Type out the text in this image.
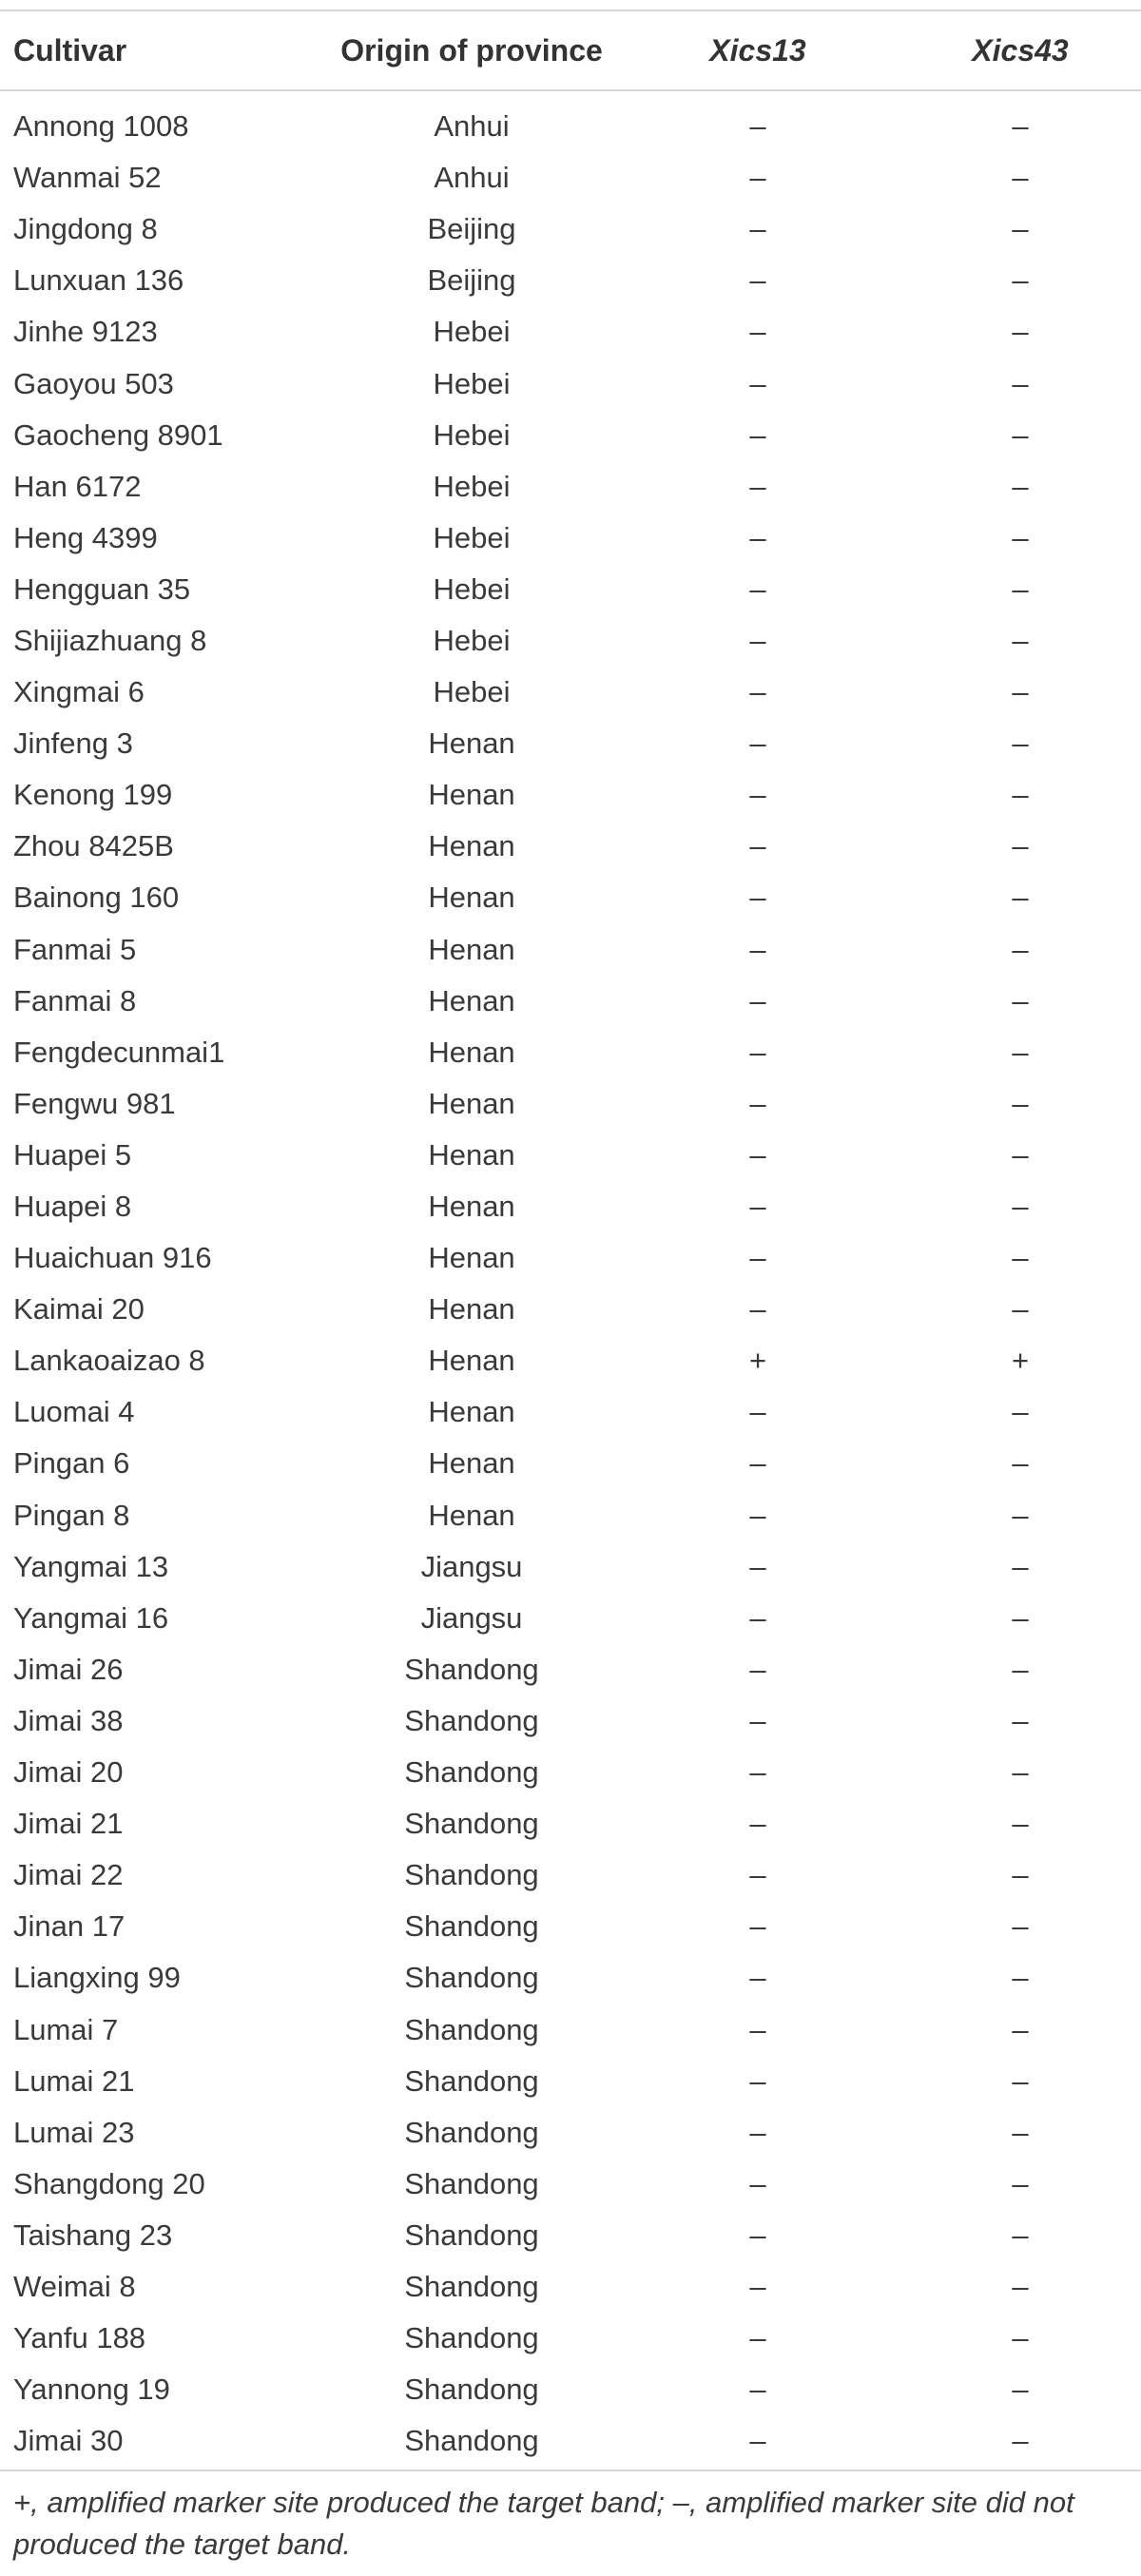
Cultivar	Origin of province	Xics13	Xics43
Annong 1008	Anhui	–	–
Wanmai 52	Anhui	–	–
Jingdong 8	Beijing	–	–
Lunxuan 136	Beijing	–	–
Jinhe 9123	Hebei	–	–
Gaoyou 503	Hebei	–	–
Gaocheng 8901	Hebei	–	–
Han 6172	Hebei	–	–
Heng 4399	Hebei	–	–
Hengguan 35	Hebei	–	–
Shijiazhuang 8	Hebei	–	–
Xingmai 6	Hebei	–	–
Jinfeng 3	Henan	–	–
Kenong 199	Henan	–	–
Zhou 8425B	Henan	–	–
Bainong 160	Henan	–	–
Fanmai 5	Henan	–	–
Fanmai 8	Henan	–	–
Fengdecunmai1	Henan	–	–
Fengwu 981	Henan	–	–
Huapei 5	Henan	–	–
Huapei 8	Henan	–	–
Huaichuan 916	Henan	–	–
Kaimai 20	Henan	–	–
Lankaoaizao 8	Henan	+	+
Luomai 4	Henan	–	–
Pingan 6	Henan	–	–
Pingan 8	Henan	–	–
Yangmai 13	Jiangsu	–	–
Yangmai 16	Jiangsu	–	–
Jimai 26	Shandong	–	–
Jimai 38	Shandong	–	–
Jimai 20	Shandong	–	–
Jimai 21	Shandong	–	–
Jimai 22	Shandong	–	–
Jinan 17	Shandong	–	–
Liangxing 99	Shandong	–	–
Lumai 7	Shandong	–	–
Lumai 21	Shandong	–	–
Lumai 23	Shandong	–	–
Shangdong 20	Shandong	–	–
Taishang 23	Shandong	–	–
Weimai 8	Shandong	–	–
Yanfu 188	Shandong	–	–
Yannong 19	Shandong	–	–
Jimai 30	Shandong	–	–
+, amplified marker site produced the target band; –, amplified marker site did not produced the target band.
